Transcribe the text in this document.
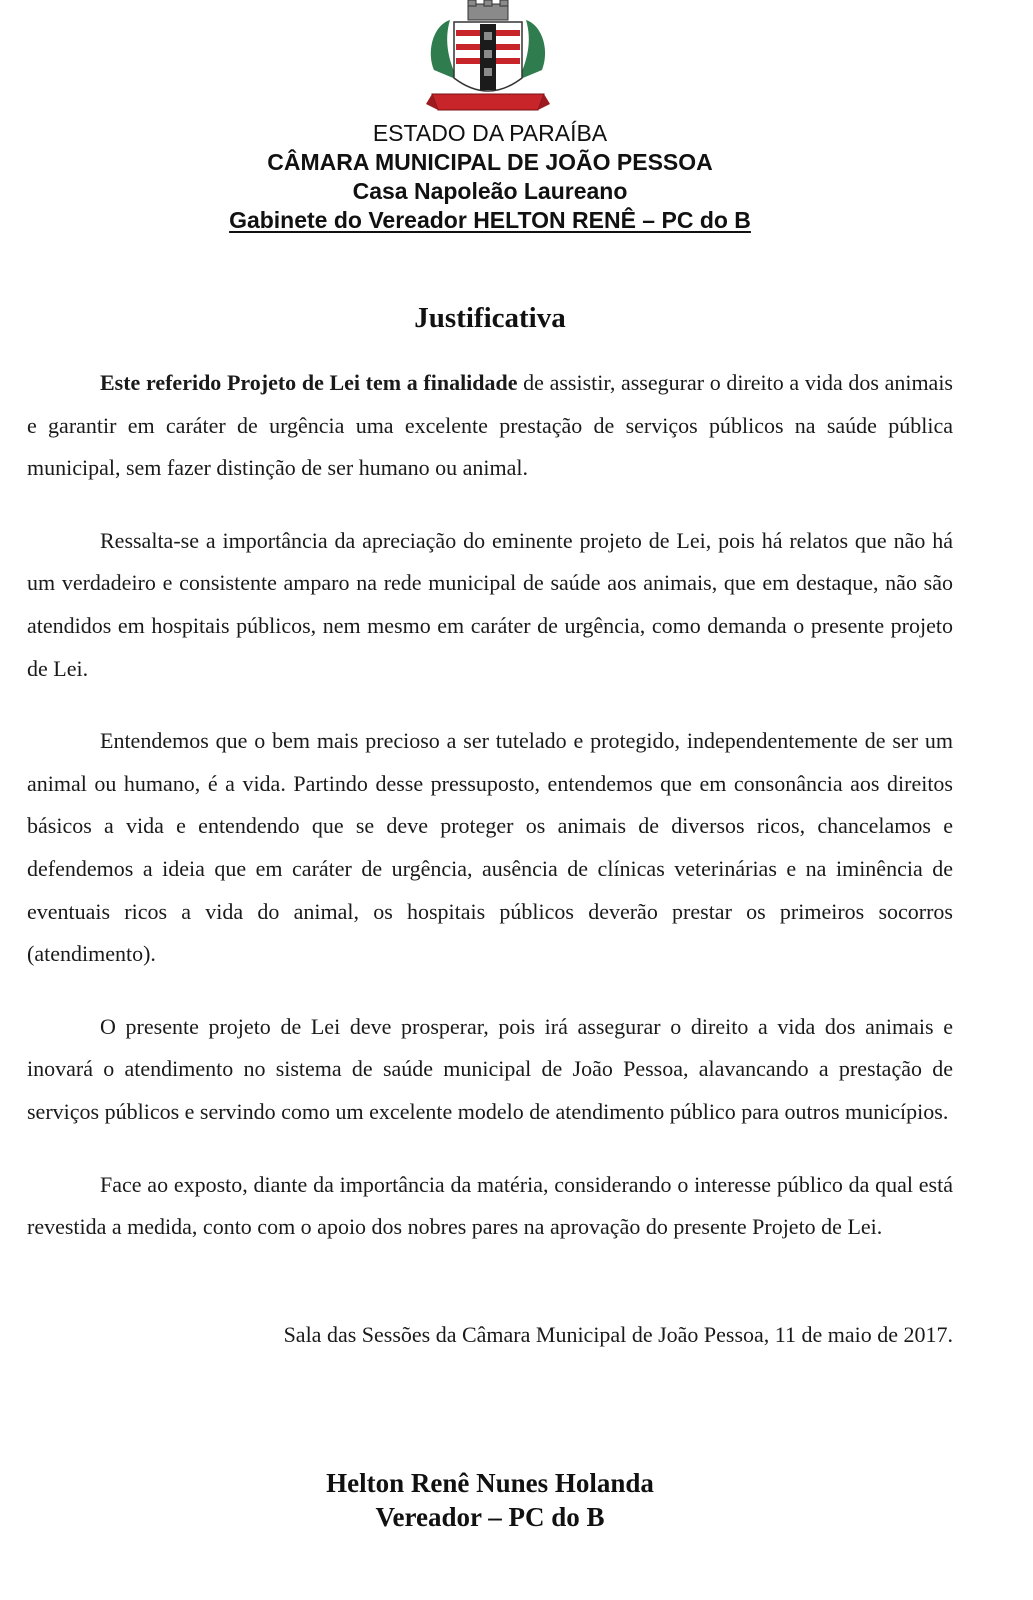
ESTADO DA PARAÍBA
CÂMARA MUNICIPAL DE JOÃO PESSOA
Casa Napoleão Laureano
Gabinete do Vereador HELTON RENÊ – PC do B
Justificativa

Este referido Projeto de Lei tem a finalidade de assistir, assegurar o direito a vida dos animais e garantir em caráter de urgência uma excelente prestação de serviços públicos na saúde pública municipal, sem fazer distinção de ser humano ou animal.

Ressalta-se a importância da apreciação do eminente projeto de Lei, pois há relatos que não há um verdadeiro e consistente amparo na rede municipal de saúde aos animais, que em destaque, não são atendidos em hospitais públicos, nem mesmo em caráter de urgência, como demanda o presente projeto de Lei.

Entendemos que o bem mais precioso a ser tutelado e protegido, independentemente de ser um animal ou humano, é a vida. Partindo desse pressuposto, entendemos que em consonância aos direitos básicos a vida e entendendo que se deve proteger os animais de diversos ricos, chancelamos e defendemos a ideia que em caráter de urgência, ausência de clínicas veterinárias e na iminência de eventuais ricos a vida do animal, os hospitais públicos deverão prestar os primeiros socorros (atendimento).

O presente projeto de Lei deve prosperar, pois irá assegurar o direito a vida dos animais e inovará o atendimento no sistema de saúde municipal de João Pessoa, alavancando a prestação de serviços públicos e servindo como um excelente modelo de atendimento público para outros municípios.

Face ao exposto, diante da importância da matéria, considerando o interesse público da qual está revestida a medida, conto com o apoio dos nobres pares na aprovação do presente Projeto de Lei.

Sala das Sessões da Câmara Municipal de João Pessoa, 11 de maio de 2017.

Helton Renê Nunes Holanda
Vereador – PC do B
